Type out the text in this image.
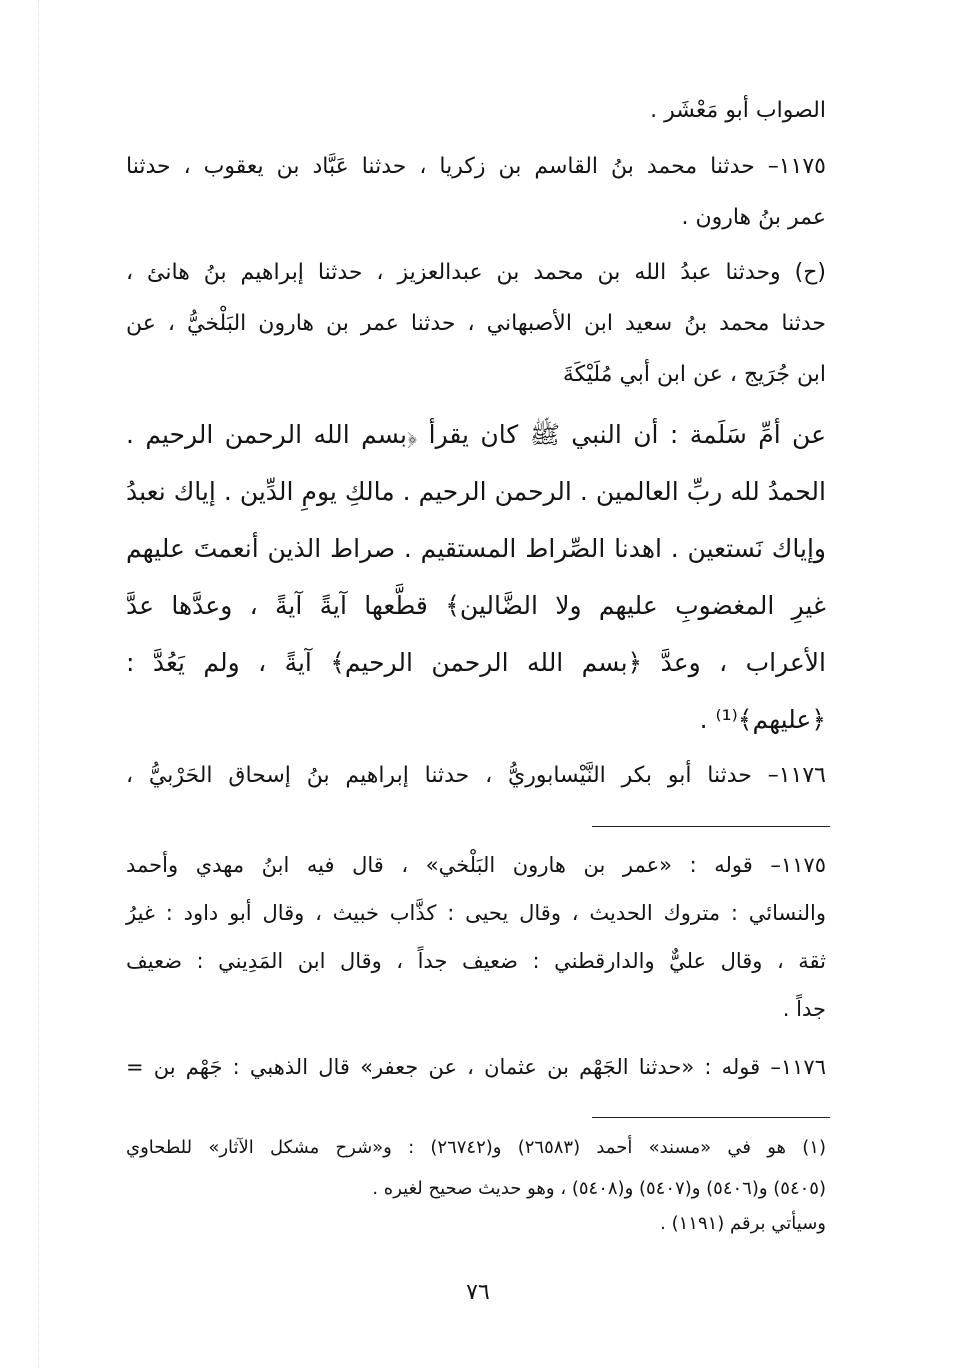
الصواب أبو مَعْشَر .
١١٧٥– حدثنا محمد بنُ القاسم بن زكريا ، حدثنا عَبَّاد بن يعقوب ، حدثنا
عمر بنُ هارون .
(ح) وحدثنا عبدُ الله بن محمد بن عبدالعزيز ، حدثنا إبراهيم بنُ هانئ ،
حدثنا محمد بنُ سعيد ابن الأصبهاني ، حدثنا عمر بن هارون البَلْخيُّ ، عن
ابن جُرَيج ، عن ابن أبي مُلَيْكَةَ
عن أمِّ سَلَمة : أن النبي ﷺ كان يقرأ ﴿بسم الله الرحمن الرحيم .
الحمدُ لله ربِّ العالمين . الرحمن الرحيم . مالكِ يومِ الدِّين . إياك نعبدُ
وإياك نَستعين . اهدنا الصِّراط المستقيم . صراط الذين أنعمتَ عليهم
غيرِ المغضوبِ عليهم ولا الضَّالين﴾ قطَّعها آيةً آيةً ، وعدَّها عدَّ
الأعراب ، وعدَّ ﴿بسم الله الرحمن الرحيم﴾ آيةً ، ولم يَعُدَّ :
﴿عليهم﴾⁽¹⁾ .
١١٧٦– حدثنا أبو بكر النَّيْسابوريُّ ، حدثنا إبراهيم بنُ إسحاق الحَرْبيُّ ،
١١٧٥– قوله : «عمر بن هارون البَلْخي» ، قال فيه ابنُ مهدي وأحمد
والنسائي : متروك الحديث ، وقال يحيى : كذَّاب خبيث ، وقال أبو داود : غيرُ
ثقة ، وقال عليٌّ والدارقطني : ضعيف جداً ، وقال ابن المَدِيني : ضعيف
جداً .
١١٧٦– قوله : «حدثنا الجَهْم بن عثمان ، عن جعفر» قال الذهبي : جَهْم بن =
(١) هو في «مسند» أحمد (٢٦٥٨٣) و(٢٦٧٤٢) : و«شرح مشكل الآثار» للطحاوي
(٥٤٠٥) و(٥٤٠٦) و(٥٤٠٧) و(٥٤٠٨) ، وهو حديث صحيح لغيره .
وسيأتي برقم (١١٩١) .
٧٦
